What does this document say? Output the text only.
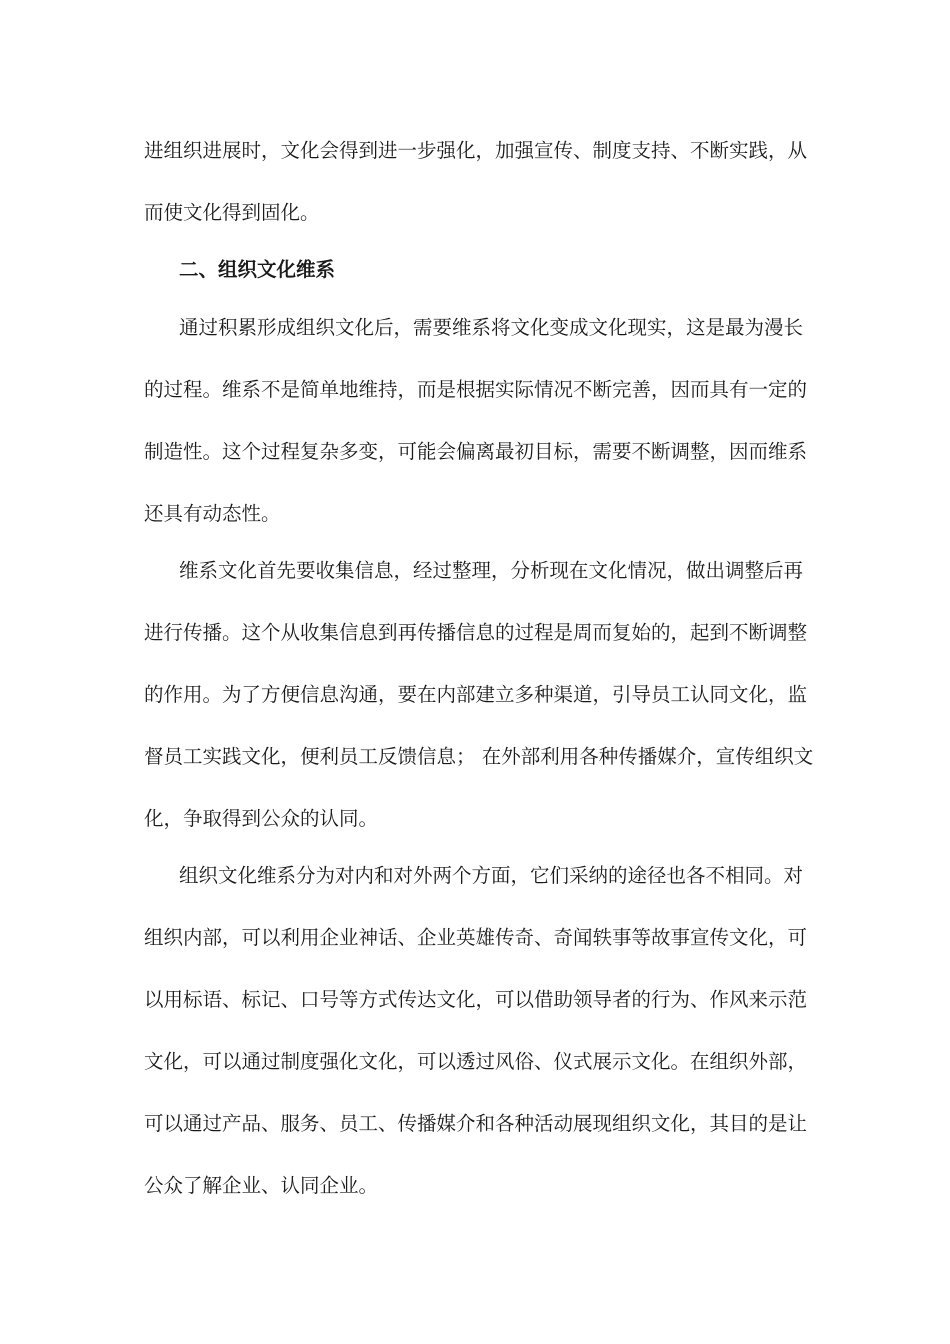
进组织进展时，文化会得到进一步强化，加强宣传、制度支持、不断实践，从
而使文化得到固化。
二、组织文化维系
通过积累形成组织文化后，需要维系将文化变成文化现实，这是最为漫长
的过程。维系不是简单地维持，而是根据实际情况不断完善，因而具有一定的
制造性。这个过程复杂多变，可能会偏离最初目标，需要不断调整，因而维系
还具有动态性。
维系文化首先要收集信息，经过整理，分析现在文化情况，做出调整后再
进行传播。这个从收集信息到再传播信息的过程是周而复始的，起到不断调整
的作用。为了方便信息沟通，要在内部建立多种渠道，引导员工认同文化，监
督员工实践文化，便利员工反馈信息； 在外部利用各种传播媒介，宣传组织文
化，争取得到公众的认同。
组织文化维系分为对内和对外两个方面，它们采纳的途径也各不相同。对
组织内部，可以利用企业神话、企业英雄传奇、奇闻轶事等故事宣传文化，可
以用标语、标记、口号等方式传达文化，可以借助领导者的行为、作风来示范
文化，可以通过制度强化文化，可以透过风俗、仪式展示文化。在组织外部，
可以通过产品、服务、员工、传播媒介和各种活动展现组织文化，其目的是让
公众了解企业、认同企业。
